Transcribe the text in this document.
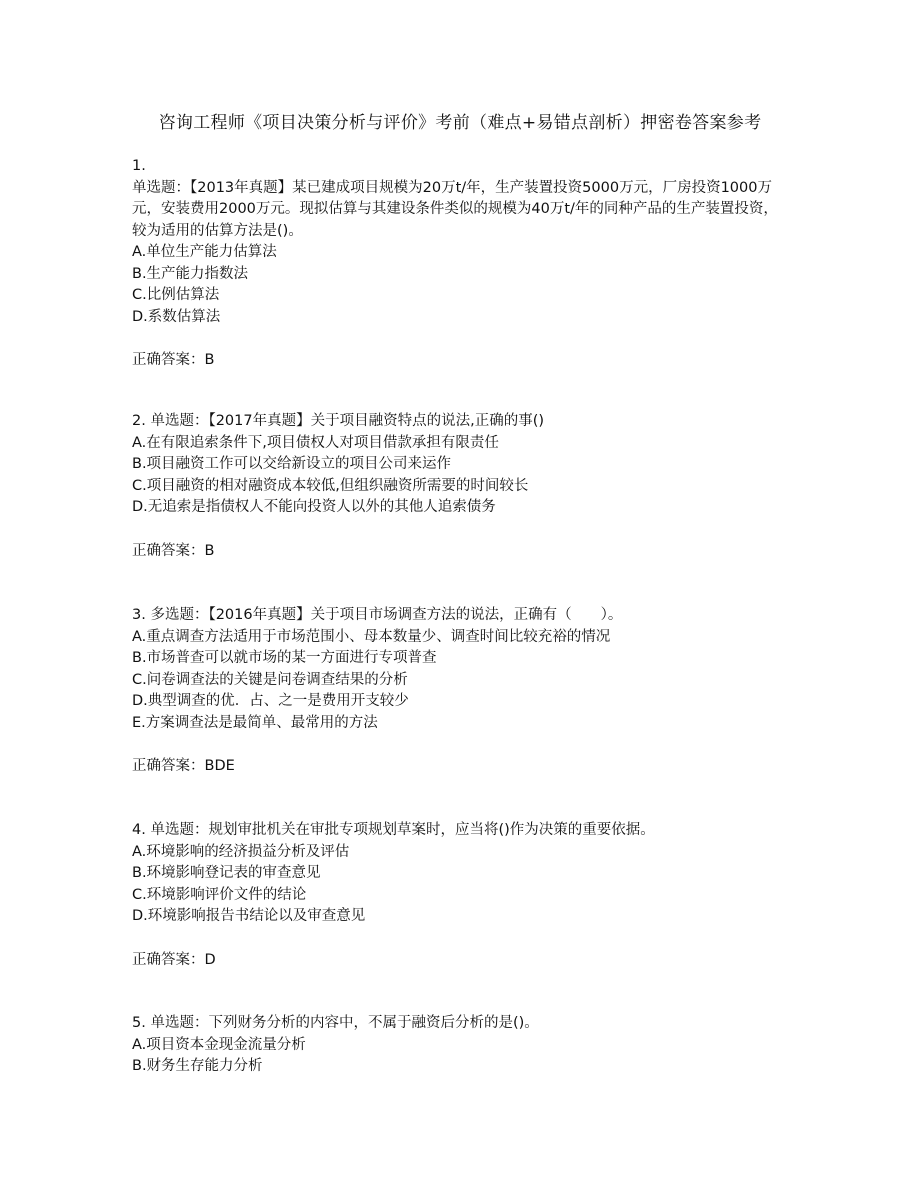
咨询工程师《项目决策分析与评价》考前（难点+易错点剖析）押密卷答案参考
1.
单选题：【2013年真题】某已建成项目规模为20万t/年，生产装置投资5000万元，厂房投资1000万元，安装费用2000万元。现拟估算与其建设条件类似的规模为40万t/年的同种产品的生产装置投资，较为适用的估算方法是()。
A.单位生产能力估算法
B.生产能力指数法
C.比例估算法
D.系数估算法
正确答案：B
2. 单选题：【2017年真题】关于项目融资特点的说法,正确的事()
A.在有限追索条件下,项目债权人对项目借款承担有限责任
B.项目融资工作可以交给新设立的项目公司来运作
C.项目融资的相对融资成本较低,但组织融资所需要的时间较长
D.无追索是指债权人不能向投资人以外的其他人追索债务
正确答案：B
3. 多选题：【2016年真题】关于项目市场调查方法的说法，正确有（　　）。
A.重点调查方法适用于市场范围小、母本数量少、调查时间比较充裕的情况
B.市场普查可以就市场的某一方面进行专项普查
C.问卷调查法的关键是问卷调查结果的分析
D.典型调查的优．占、之一是费用开支较少
E.方案调查法是最简单、最常用的方法
正确答案：BDE
4. 单选题：规划审批机关在审批专项规划草案时，应当将()作为决策的重要依据。
A.环境影响的经济损益分析及评估
B.环境影响登记表的审查意见
C.环境影响评价文件的结论
D.环境影响报告书结论以及审查意见
正确答案：D
5. 单选题：下列财务分析的内容中，不属于融资后分析的是()。
A.项目资本金现金流量分析
B.财务生存能力分析
